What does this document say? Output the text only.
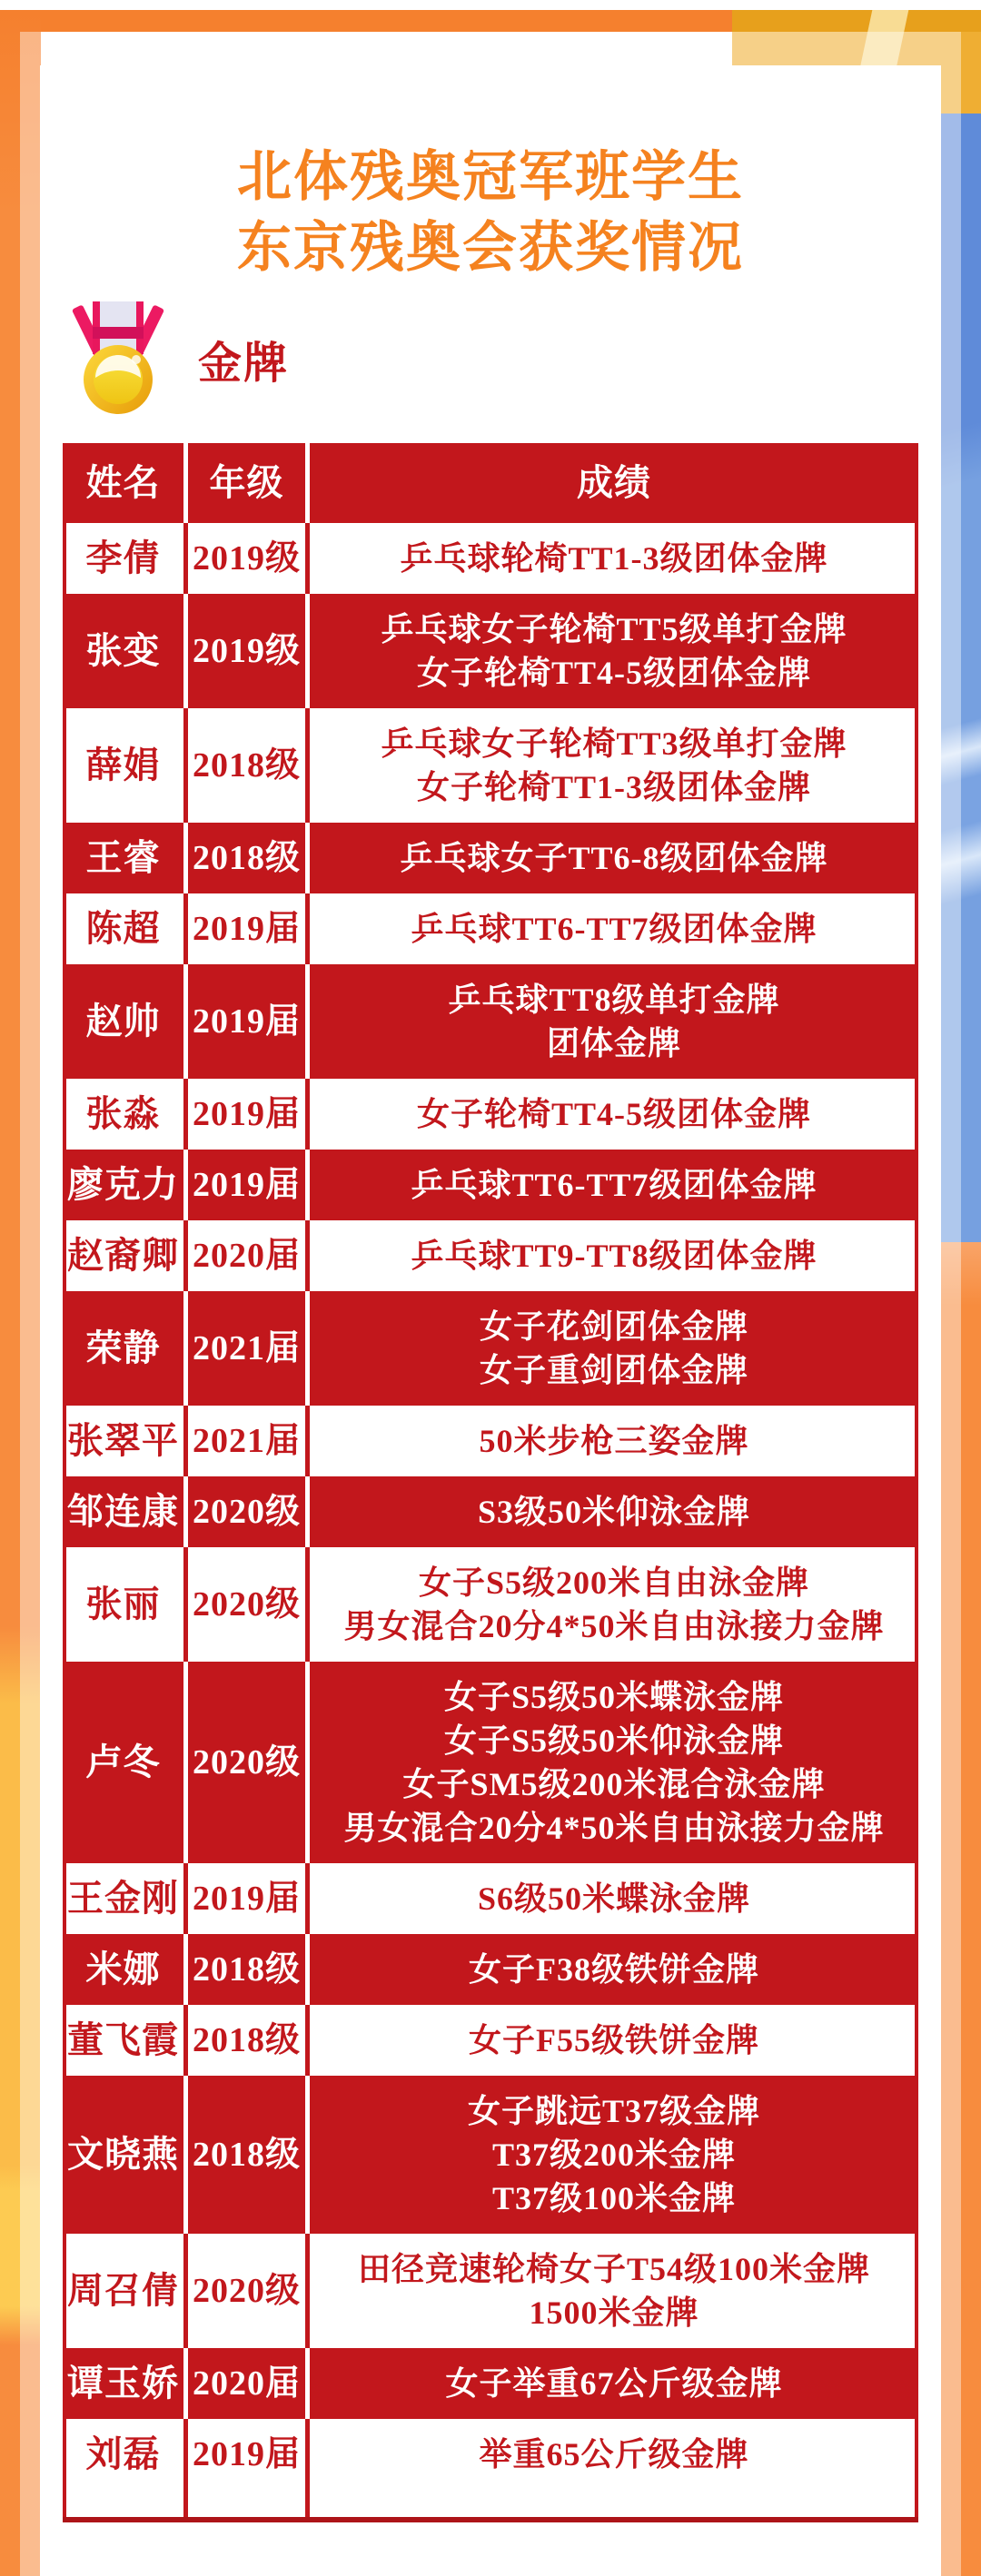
北体残奥冠军班学生
东京残奥会获奖情况
金牌
姓名	年级	成绩
李倩 2019级	乒乓球轮椅TT1-3级团体金牌
张变 2019级
乒乓球女子轮椅TT5级单打金牌
女子轮椅TT4-5级团体金牌
薛娟 2018级
乒乓球女子轮椅TT3级单打金牌
女子轮椅TT1-3级团体金牌
王睿 2018级	乒乓球女子TT6-8级团体金牌
陈超 2019届	乒乓球TT6-TT7级团体金牌
赵帅 2019届
乒乓球TT8级单打金牌
团体金牌
张淼 2019届	女子轮椅TT4-5级团体金牌
廖克力 2019届	乒乓球TT6-TT7级团体金牌
赵裔卿 2020届	乒乓球TT9-TT8级团体金牌
荣静 2021届
女子花剑团体金牌
女子重剑团体金牌
张翠平 2021届	50米步枪三姿金牌
邹连康 2020级	S3级50米仰泳金牌
张丽 2020级
女子S5级200米自由泳金牌
男女混合20分4*50米自由泳接力金牌
卢冬 2020级
女子S5级50米蝶泳金牌
女子S5级50米仰泳金牌
女子SM5级200米混合泳金牌
男女混合20分4*50米自由泳接力金牌
王金刚 2019届	S6级50米蝶泳金牌
米娜 2018级	女子F38级铁饼金牌
董飞霞 2018级	女子F55级铁饼金牌
文晓燕 2018级
女子跳远T37级金牌
T37级200米金牌
T37级100米金牌
周召倩 2020级
田径竞速轮椅女子T54级100米金牌
1500米金牌
谭玉娇 2020届	女子举重67公斤级金牌
刘磊 2019届	举重65公斤级金牌
